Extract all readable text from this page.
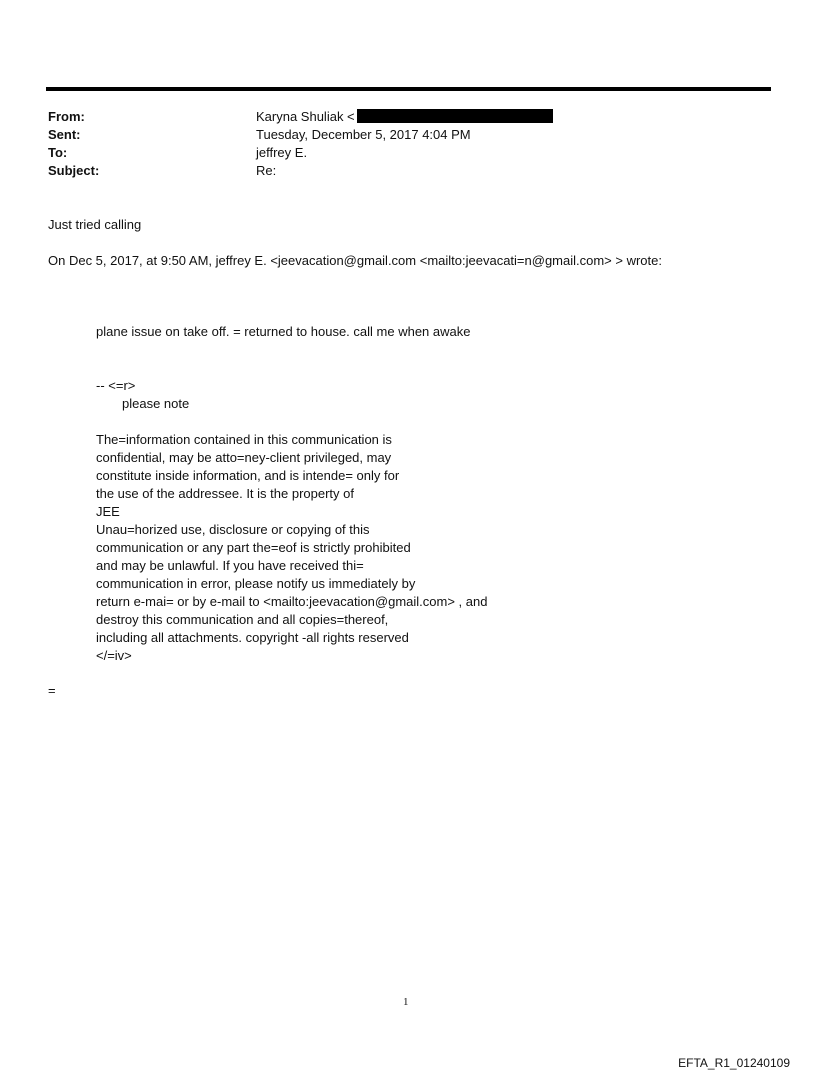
From:	Karyna Shuliak <
Sent:	Tuesday, December 5, 2017 4:04 PM
To:	jeffrey E.
Subject:	Re:
Just tried calling
On Dec 5, 2017, at 9:50 AM, jeffrey E. <jeevacation@gmail.com <mailto:jeevacati=n@gmail.com> > wrote:
plane issue on take off. = returned to house. call me when awake
-- <=r>
please note
The=information contained in this communication is
confidential, may be atto=ney-client privileged, may
constitute inside information, and is intende= only for
the use of the addressee. It is the property of
JEE
Unau=horized use, disclosure or copying of this
communication or any part the=eof is strictly prohibited
and may be unlawful. If you have received thi=
communication in error, please notify us immediately by
return e-mai= or by e-mail to <mailto:jeevacation@gmail.com> , and
destroy this communication and all copies=thereof,
including all attachments. copyright -all rights reserved
</=iv>
=
1
EFTA_R1_01240109
